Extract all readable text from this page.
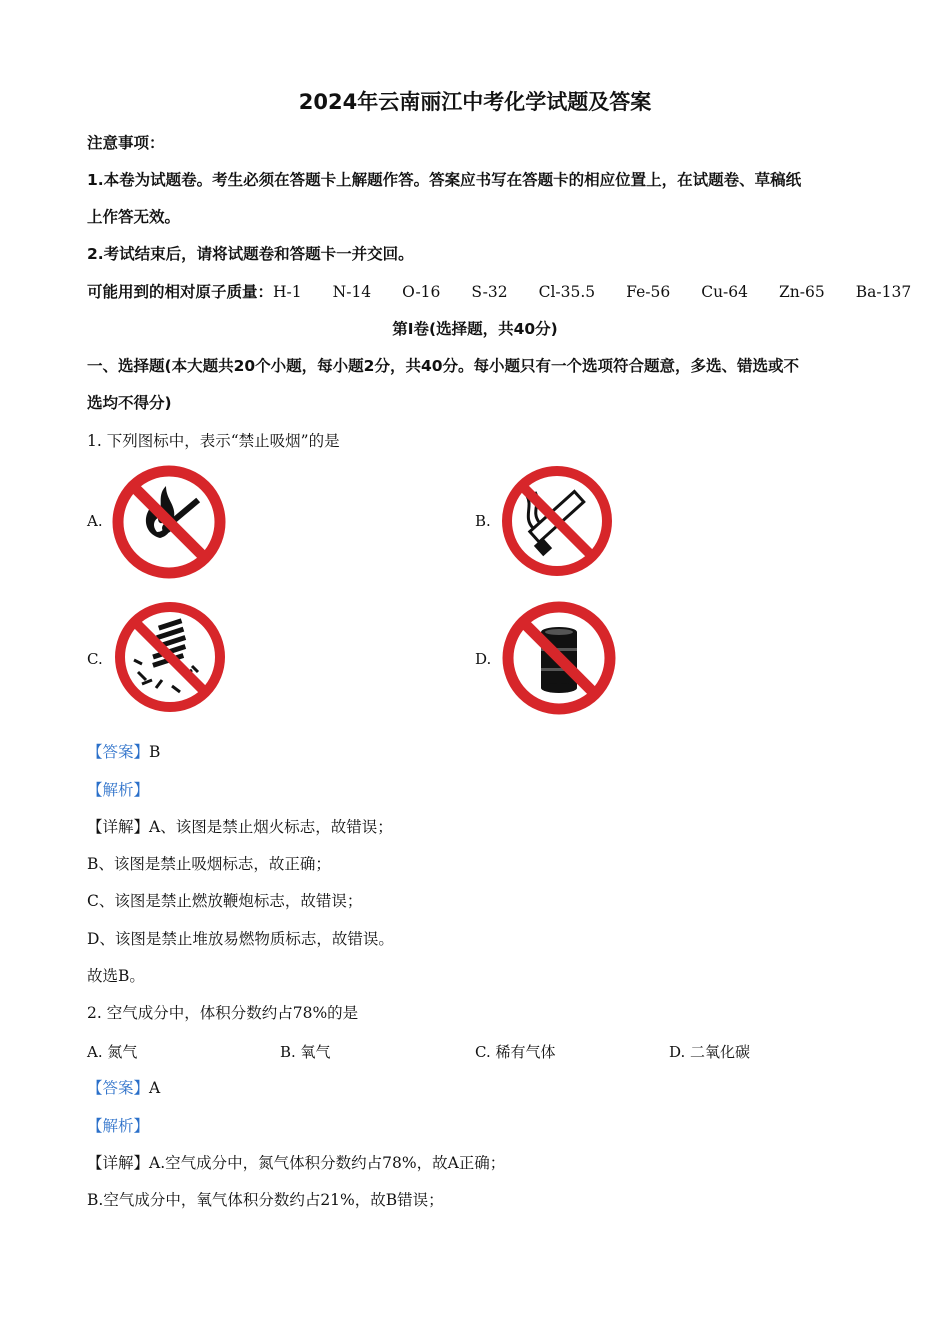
2024年云南丽江中考化学试题及答案
注意事项：
1.本卷为试题卷。考生必须在答题卡上解题作答。答案应书写在答题卡的相应位置上，在试题卷、草稿纸
上作答无效。
2.考试结束后，请将试题卷和答题卡一并交回。
可能用到的相对原子质量：H-1 N-14 O-16 S-32 Cl-35.5 Fe-56 Cu-64 Zn-65 Ba-137
第Ⅰ卷(选择题，共40分)
一、选择题(本大题共20个小题，每小题2分，共40分。每小题只有一个选项符合题意，多选、错选或不
选均不得分)
1. 下列图标中，表示“禁止吸烟”的是
A.	B.
C.	D.
【答案】B
【解析】
【详解】A、该图是禁止烟火标志，故错误；
B、该图是禁止吸烟标志，故正确；
C、该图是禁止燃放鞭炮标志，故错误；
D、该图是禁止堆放易燃物质标志，故错误。
故选B。
2. 空气成分中，体积分数约占78%的是
A. 氮气	B. 氧气	C. 稀有气体	D. 二氧化碳
【答案】A
【解析】
【详解】A.空气成分中，氮气体积分数约占78%，故A正确；
B.空气成分中，氧气体积分数约占21%，故B错误；
